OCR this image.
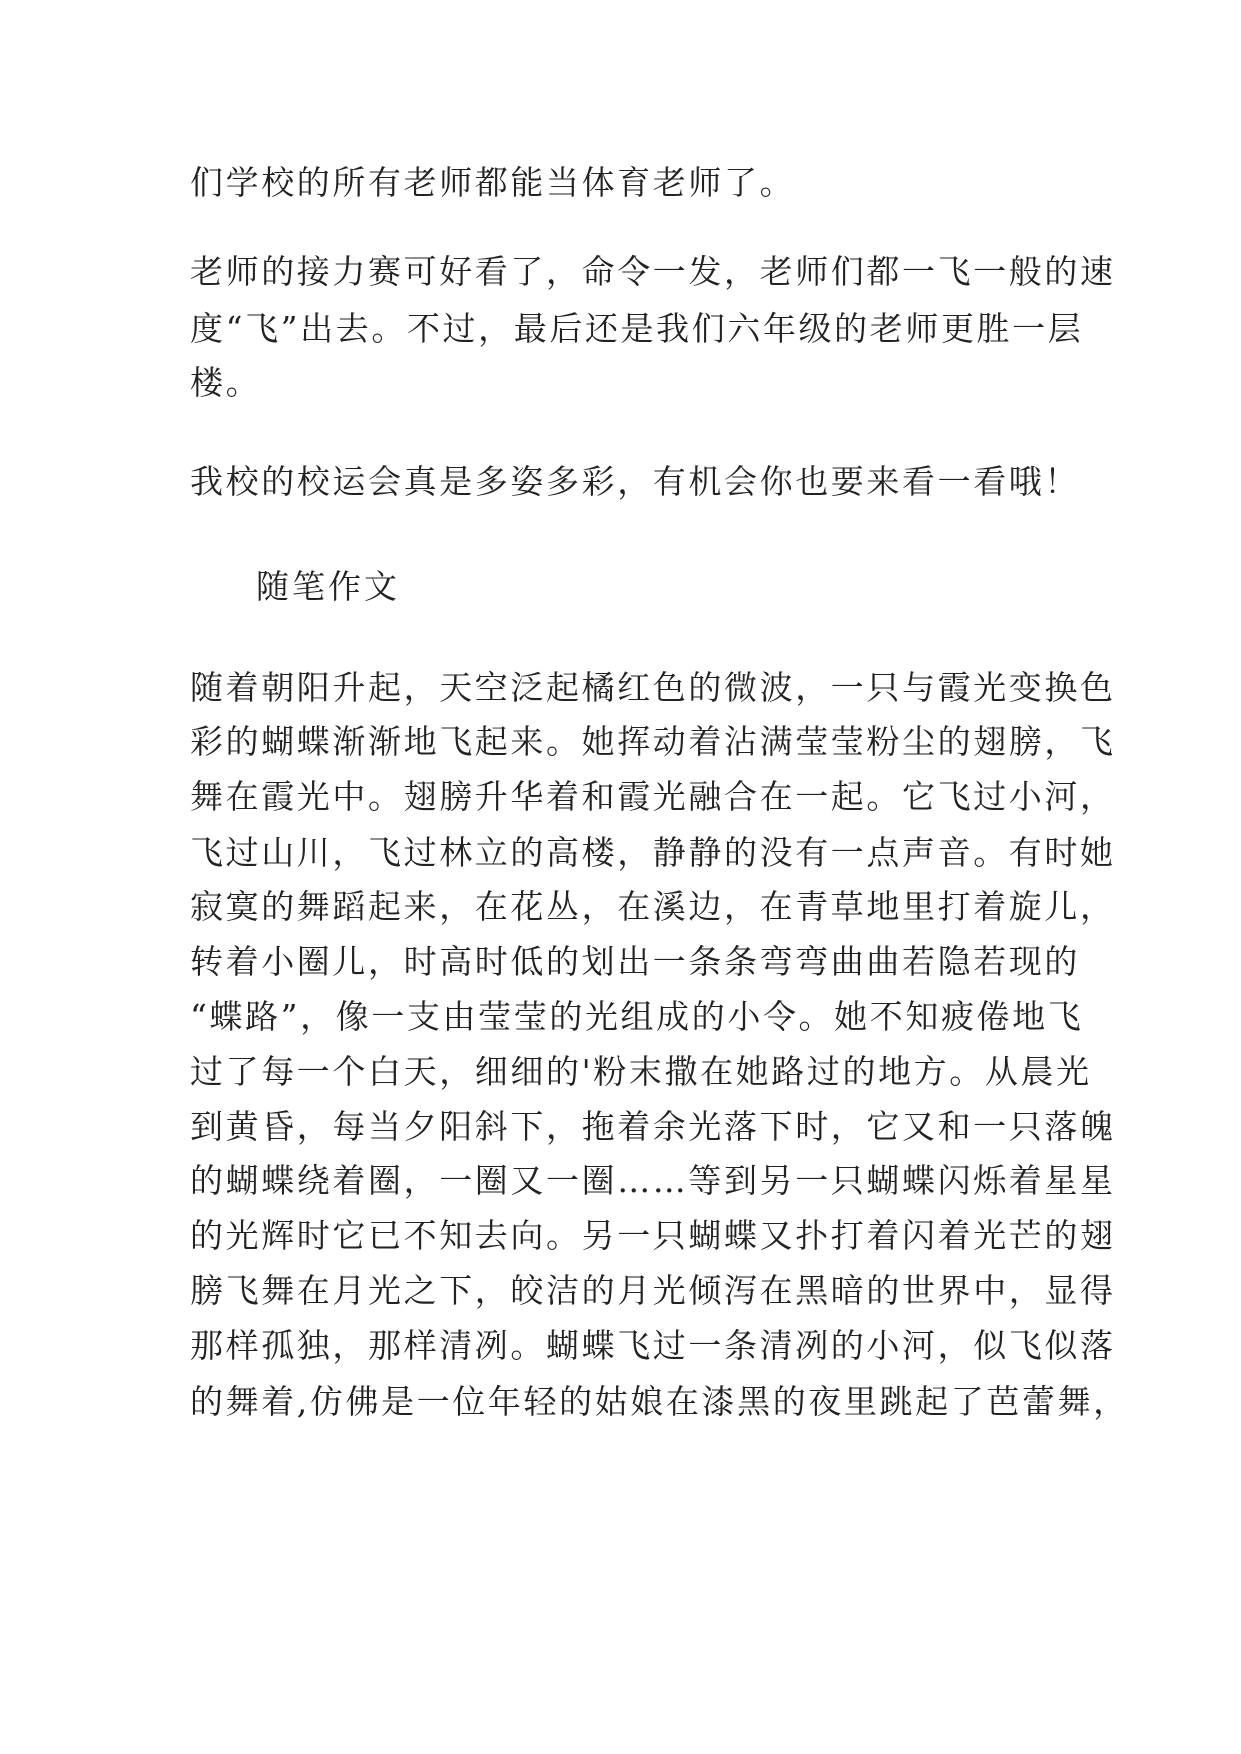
们学校的所有老师都能当体育老师了。

老师的接力赛可好看了，命令一发，老师们都一飞一般的速

度“飞”出去。不过，最后还是我们六年级的老师更胜一层

楼。

我校的校运会真是多姿多彩，有机会你也要来看一看哦！

随笔作文

随着朝阳升起，天空泛起橘红色的微波，一只与霞光变换色

彩的蝴蝶渐渐地飞起来。她挥动着沾满莹莹粉尘的翅膀，飞

舞在霞光中。翅膀升华着和霞光融合在一起。它飞过小河，

飞过山川，飞过林立的高楼，静静的没有一点声音。有时她

寂寞的舞蹈起来，在花丛，在溪边，在青草地里打着旋儿，

转着小圈儿，时高时低的划出一条条弯弯曲曲若隐若现的

“蝶路”，像一支由莹莹的光组成的小令。她不知疲倦地飞

过了每一个白天，细细的'粉末撒在她路过的地方。从晨光

到黄昏，每当夕阳斜下，拖着余光落下时，它又和一只落魄

的蝴蝶绕着圈，一圈又一圈……等到另一只蝴蝶闪烁着星星

的光辉时它已不知去向。另一只蝴蝶又扑打着闪着光芒的翅

膀飞舞在月光之下，皎洁的月光倾泻在黑暗的世界中，显得

那样孤独，那样清冽。蝴蝶飞过一条清冽的小河，似飞似落

的舞着,仿佛是一位年轻的姑娘在漆黑的夜里跳起了芭蕾舞，
